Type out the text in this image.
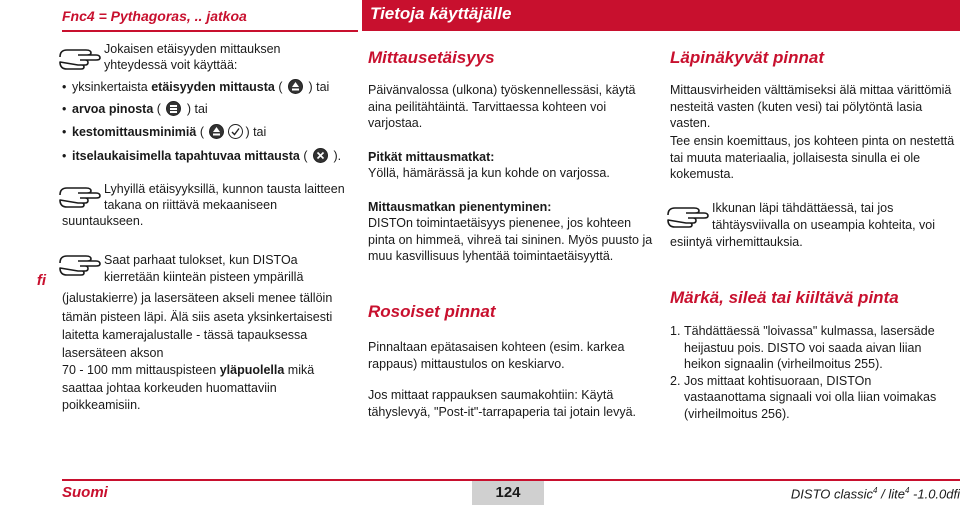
Fnc4 = Pythagoras, .. jatkoa	Tietoja käyttäjälle
fi
Jokaisen etäisyyden mittauksen
yhteydessä voit käyttää:
• yksinkertaista etäisyyden mittausta (
) tai
• arvoa pinosta (
) tai
• kestomittausminimiä (	) tai
• itselaukaisimella tapahtuvaa mittausta (
).
Lyhyillä etäisyyksillä, kunnon tausta laitteen
takana on riittävä mekaaniseen
suuntaukseen.
Saat parhaat tulokset, kun DISTOa
kierretään kiinteän pisteen ympärillä
(jalustakierre) ja lasersäteen akseli menee tällöin
tämän pisteen läpi. Älä siis aseta yksinkertaisesti
laitetta kamerajalustalle - tässä tapauksessa
lasersäteen akson
70 - 100 mm mittauspisteen yläpuolella mikä
saattaa johtaa korkeuden huomattaviin
poikkeamisiin.
Mittausetäisyys
Päivänvalossa (ulkona) työskennellessäsi, käytä aina peilitähtäintä. Tarvittaessa kohteen voi varjostaa.
Pitkät mittausmatkat:
Yöllä, hämärässä ja kun kohde on varjossa.
Mittausmatkan pienentyminen:
DISTOn toimintaetäisyys pienenee, jos kohteen pinta on himmeä, vihreä tai sininen. Myös puusto ja muu kasvillisuus lyhentää toimintaetäisyyttä.
Rosoiset pinnat
Pinnaltaan epätasaisen kohteen (esim. karkea rappaus) mittaustulos on keskiarvo.
Jos mittaat rappauksen saumakohtiin: Käytä tähyslevyä, "Post-it"-tarrapaperia tai jotain levyä.
Läpinäkyvät pinnat
Mittausvirheiden välttämiseksi älä mittaa värittömiä nesteitä vasten (kuten vesi) tai pölytöntä lasia vasten.
Tee ensin koemittaus, jos kohteen pinta on nestettä tai muuta materiaalia, jollaisesta sinulla ei ole kokemusta.
Ikkunan läpi tähdättäessä, tai jos
tähtäysviivalla on useampia kohteita, voi
esiintyä virhemittauksia.
Märkä, sileä tai kiiltävä pinta
1. Tähdättäessä "loivassa" kulmassa, lasersäde heijastuu pois. DISTO voi saada aivan liian heikon signaalin (virheilmoitus 255).
2. Jos mittaat kohtisuoraan, DISTOn vastaanottama signaali voi olla liian voimakas (virheilmoitus 256).
Suomi	124	DISTO classic$^4$ / lite$^4$ -1.0.0dfi
